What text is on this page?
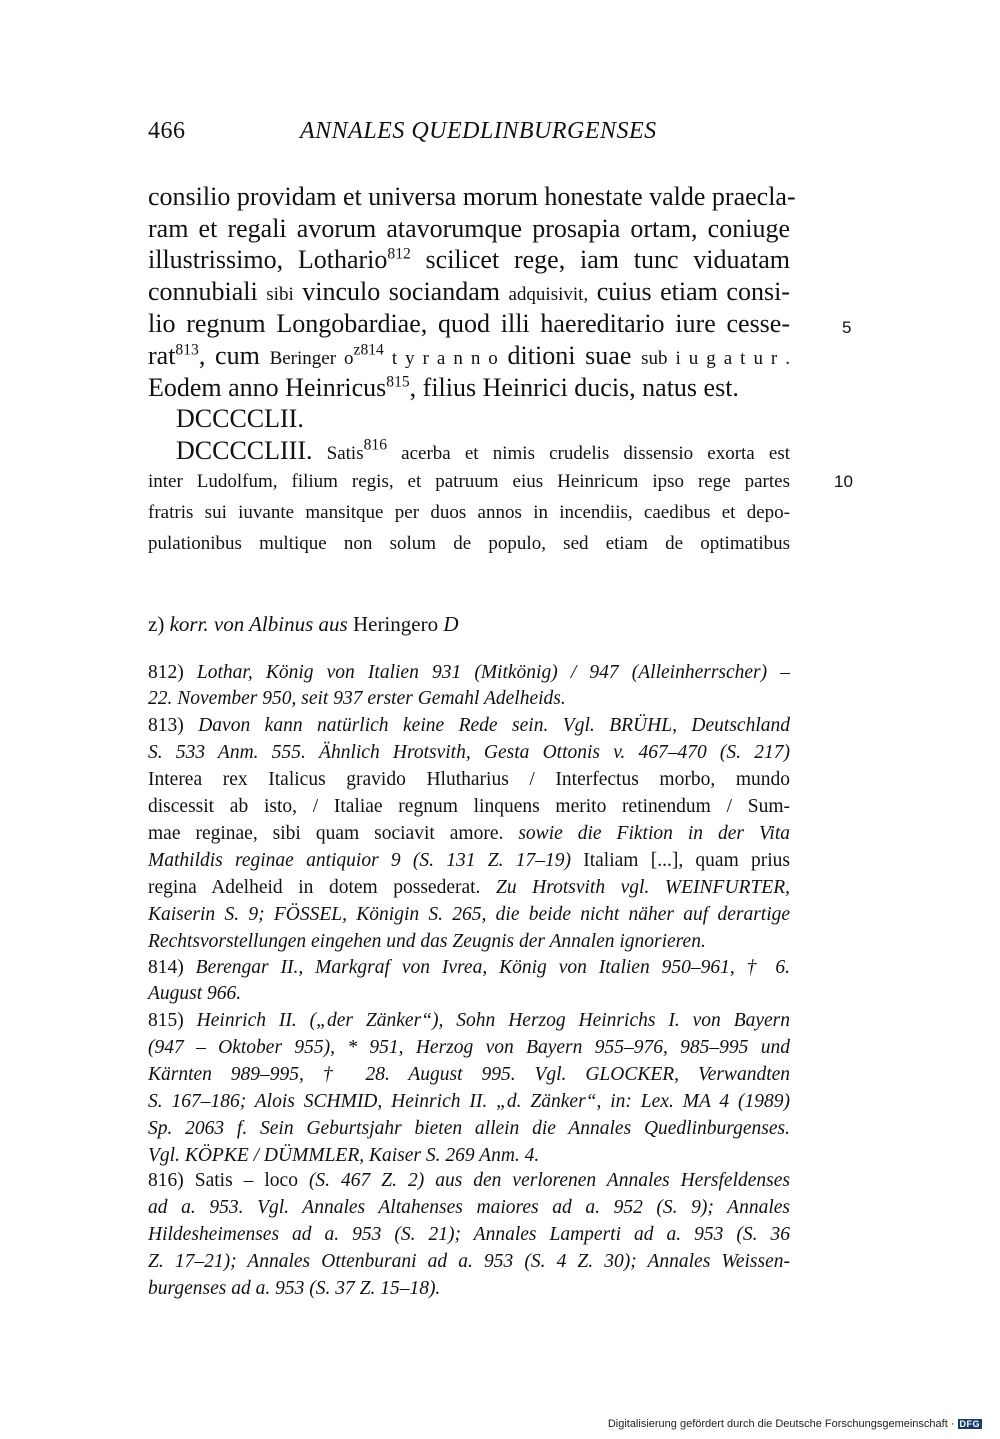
466	ANNALES QUEDLINBURGENSES
consilio providam et universa morum honestate valde praecla-
ram et regali avorum atavorumque prosapia ortam, coniuge
illustrissimo, Lothario$^{812}$ scilicet rege, iam tunc viduatam
connubiali sibi vinculo sociandam adquisivit, cuius etiam consi-
lio regnum Longobardiae, quod illi haereditario iure cesse-
rat$^{813}$, cum Beringer $o^{z814}$ t y r a n n o ditioni suae sub i u g a t u r .
Eodem anno Heinricus$^{815}$, filius Heinrici ducis, natus est.
DCCCCLII.
DCCCCLIII. Satis$^{816}$ acerba et nimis crudelis dissensio exorta est
inter Ludolfum, filium regis, et patruum eius Heinricum ipso rege partes
fratris sui iuvante mansitque per duos annos in incendiis, caedibus et depo-
pulationibus multique non solum de populo, sed etiam de optimatibus
5
10
z) korr. von Albinus aus Heringero D
812) Lothar, König von Italien 931 (Mitkönig) / 947 (Alleinherrscher) –
22. November 950, seit 937 erster Gemahl Adelheids.
813) Davon kann natürlich keine Rede sein. Vgl. BRÜHL, Deutschland
S. 533 Anm. 555. Ähnlich Hrotsvith, Gesta Ottonis v. 467–470 (S. 217)
Interea rex Italicus gravido Hlutharius / Interfectus morbo, mundo
discessit ab isto, / Italiae regnum linquens merito retinendum / Sum-
mae reginae, sibi quam sociavit amore. sowie die Fiktion in der Vita
Mathildis reginae antiquior 9 (S. 131 Z. 17–19) Italiam [...], quam prius
regina Adelheid in dotem possederat. Zu Hrotsvith vgl. WEINFURTER,
Kaiserin S. 9; FÖSSEL, Königin S. 265, die beide nicht näher auf derartige
Rechtsvorstellungen eingehen und das Zeugnis der Annalen ignorieren.
814) Berengar II., Markgraf von Ivrea, König von Italien 950–961, † 6.
August 966.
815) Heinrich II. („der Zänker“), Sohn Herzog Heinrichs I. von Bayern
(947 – Oktober 955), * 951, Herzog von Bayern 955–976, 985–995 und
Kärnten 989–995, † 28. August 995. Vgl. GLOCKER, Verwandten
S. 167–186; Alois SCHMID, Heinrich II. „d. Zänker“, in: Lex. MA 4 (1989)
Sp. 2063 f. Sein Geburtsjahr bieten allein die Annales Quedlinburgenses.
Vgl. KÖPKE / DÜMMLER, Kaiser S. 269 Anm. 4.
816) Satis – loco (S. 467 Z. 2) aus den verlorenen Annales Hersfeldenses
ad a. 953. Vgl. Annales Altahenses maiores ad a. 952 (S. 9); Annales
Hildesheimenses ad a. 953 (S. 21); Annales Lamperti ad a. 953 (S. 36
Z. 17–21); Annales Ottenburani ad a. 953 (S. 4 Z. 30); Annales Weissen-
burgenses ad a. 953 (S. 37 Z. 15–18).
Digitalisierung gefördert durch die Deutsche Forschungsgemeinschaft · DFG
